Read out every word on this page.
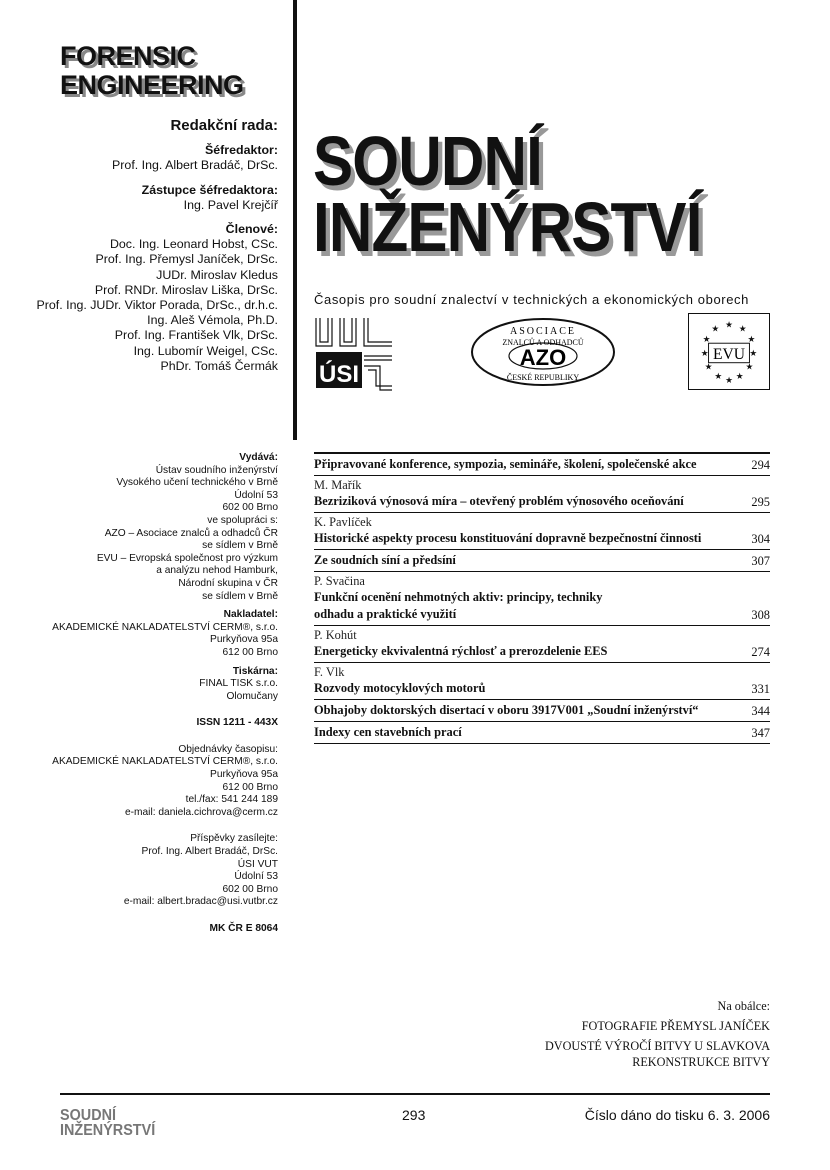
FORENSIC
ENGINEERING
Redakční rada:
Šéfredaktor:
Prof. Ing. Albert Bradáč, DrSc.
Zástupce šéfredaktora:
Ing. Pavel Krejčíř
Členové:
Doc. Ing. Leonard Hobst, CSc.
Prof. Ing. Přemysl Janíček, DrSc.
JUDr. Miroslav Kledus
Prof. RNDr. Miroslav Liška, DrSc.
Prof. Ing. JUDr. Viktor Porada, DrSc., dr.h.c.
Ing. Aleš Vémola, Ph.D.
Prof. Ing. František Vlk, DrSc.
Ing. Lubomír Weigel, CSc.
PhDr. Tomáš Čermák
SOUDNÍ
INŽENÝRSTVÍ
Časopis pro soudní znalectví v technických a ekonomických oborech
ÚSI
ASOCIACE
ZNALCŮ A ODHADCŮ
AZO
ČESKÉ REPUBLIKY
★ ★
★
★
★
★
★
★
★
★
★
★
EVU
Vydává:
Ústav soudního inženýrství
Vysokého učení technického v Brně
Údolní 53
602 00 Brno
ve spolupráci s:
AZO – Asociace znalců a odhadců ČR
se sídlem v Brně
EVU – Evropská společnost pro výzkum
a analýzu nehod Hamburk,
Národní skupina v ČR
se sídlem v Brně
Nakladatel:
AKADEMICKÉ NAKLADATELSTVÍ CERM®, s.r.o.
Purkyňova 95a
612 00 Brno
Tiskárna:
FINAL TISK s.r.o.
Olomučany
ISSN 1211 - 443X
Objednávky časopisu:
AKADEMICKÉ NAKLADATELSTVÍ CERM®, s.r.o.
Purkyňova 95a
612 00 Brno
tel./fax: 541 244 189
e-mail: daniela.cichrova@cerm.cz
Příspěvky zasílejte:
Prof. Ing. Albert Bradáč, DrSc.
ÚSI VUT
Údolní 53
602 00 Brno
e-mail: albert.bradac@usi.vutbr.cz
MK ČR E 8064
Připravované konference, sympozia, semináře, školení, společenské akce	294
M. Mařík
Bezriziková výnosová míra – otevřený problém výnosového oceňování	295
K. Pavlíček
Historické aspekty procesu konstituování dopravně bezpečnostní činnosti	304
Ze soudních síní a předsíní	307
P. Svačina
Funkční ocenění nehmotných aktiv: principy, techniky odhadu a praktické využití	308
P. Kohút
Energeticky ekvivalentná rýchlosť a prerozdelenie EES	274
F. Vlk
Rozvody motocyklových motorů	331
Obhajoby doktorských disertací v oboru 3917V001 „Soudní inženýrství“	344
Indexy cen stavebních prací	347
Na obálce:
FOTOGRAFIE PŘEMYSL JANÍČEK
DVOUSTÉ VÝROČÍ BITVY U SLAVKOVA
REKONSTRUKCE BITVY
SOUDNÍ
INŽENÝRSTVÍ
293	Číslo dáno do tisku 6. 3. 2006
